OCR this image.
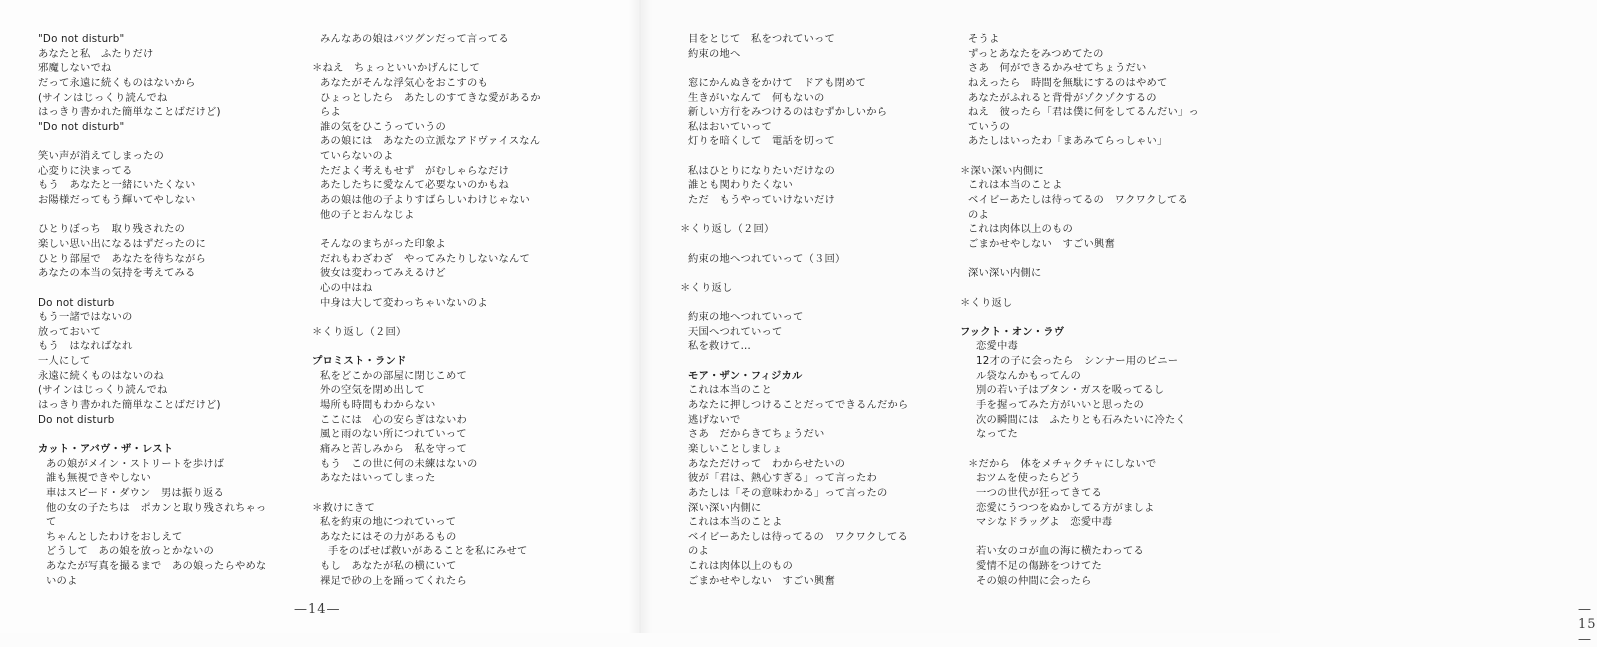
"Do not disturb"
あなたと私　ふたりだけ
邪魔しないでね
だって永遠に続くものはないから
(サインはじっくり読んでね
はっきり書かれた簡単なことばだけど)
"Do not disturb"
笑い声が消えてしまったの
心変りに決まってる
もう　あなたと一緒にいたくない
お陽様だってもう輝いてやしない
ひとりぼっち　取り残されたの
楽しい思い出になるはずだったのに
ひとり部屋で　あなたを待ちながら
あなたの本当の気持を考えてみる
Do not disturb
もう一諸ではないの
放っておいて
もう　はなればなれ
一人にして
永遠に続くものはないのね
(サインはじっくり読んでね
はっきり書かれた簡単なことばだけど)
Do not disturb
カット・アバヴ・ザ・レスト
あの娘がメイン・ストリートを歩けば
誰も無視できやしない
車はスピード・ダウン　男は振り返る
他の女の子たちは　ポカンと取り残されちゃっ
て
ちゃんとしたわけをおしえて
どうして　あの娘を放っとかないの
あなたが写真を撮るまで　あの娘ったらやめな
いのよ
みんなあの娘はバツグンだって言ってる
＊ねえ　ちょっといいかげんにして
あなたがそんな浮気心をおこすのも
ひょっとしたら　あたしのすてきな愛があるか
らよ
誰の気をひこうっていうの
あの娘には　あなたの立派なアドヴァイスなん
ていらないのよ
ただよく考えもせず　がむしゃらなだけ
あたしたちに愛なんて必要ないのかもね
あの娘は他の子よりすばらしいわけじゃない
他の子とおんなじよ
そんなのまちがった印象よ
だれもわざわざ　やってみたりしないなんて
彼女は変わってみえるけど
心の中はね
中身は大して変わっちゃいないのよ
＊くり返し（２回）
プロミスト・ランド
私をどこかの部屋に閉じこめて
外の空気を閉め出して
場所も時間もわからない
ここには　心の安らぎはないわ
風と雨のない所につれていって
痛みと苦しみから　私を守って
もう　この世に何の未練はないの
あなたはいってしまった
＊救けにきて
私を約束の地につれていって
あなたにはその力があるもの
手をのばせば救いがあることを私にみせて
もし　あなたが私の横にいて
裸足で砂の上を踊ってくれたら
—14—	—15—
目をとじて　私をつれていって
約束の地へ
窓にかんぬきをかけて　ドアも閉めて
生きがいなんて　何もないの
新しい方行をみつけるのはむずかしいから
私はおいていって
灯りを暗くして　電話を切って
私はひとりになりたいだけなの
誰とも関わりたくない
ただ　もうやっていけないだけ
＊くり返し（２回）
約束の地へつれていって（３回）
＊くり返し
約束の地へつれていって
天国へつれていって
私を救けて…
モア・ザン・フィジカル
これは本当のこと
あなたに押しつけることだってできるんだから
逃げないで
さあ　だからきてちょうだい
楽しいことしましょ
あなただけって　わからせたいの
彼が「君は、熱心すぎる」って言ったわ
あたしは「その意味わかる」って言ったの
深い深い内側に
これは本当のことよ
ベイビーあたしは待ってるの　ワクワクしてる
のよ
これは肉体以上のもの
ごまかせやしない　すごい興奮
そうよ
ずっとあなたをみつめてたの
さあ　何ができるかみせてちょうだい
ねえったら　時間を無駄にするのはやめて
あなたがふれると背骨がゾクゾクするの
ねえ　彼ったら「君は僕に何をしてるんだい」っ
ていうの
あたしはいったわ「まあみてらっしゃい」
＊深い深い内側に
これは本当のことよ
ベイビーあたしは待ってるの　ワクワクしてる
のよ
これは肉体以上のもの
ごまかせやしない　すごい興奮
深い深い内側に
＊くり返し
フックト・オン・ラヴ
恋愛中毒
12才の子に会ったら　シンナー用のビニー
ル袋なんかもってんの
別の若い子はブタン・ガスを吸ってるし
手を握ってみた方がいいと思ったの
次の瞬間には　ふたりとも石みたいに冷たく
なってた
＊だから　体をメチャクチャにしないで
おツムを使ったらどう
一つの世代が狂ってきてる
恋愛にうつつをぬかしてる方がましよ
マシなドラッグよ　恋愛中毒
若い女のコが血の海に横たわってる
愛情不足の傷跡をつけてた
その娘の仲間に会ったら
